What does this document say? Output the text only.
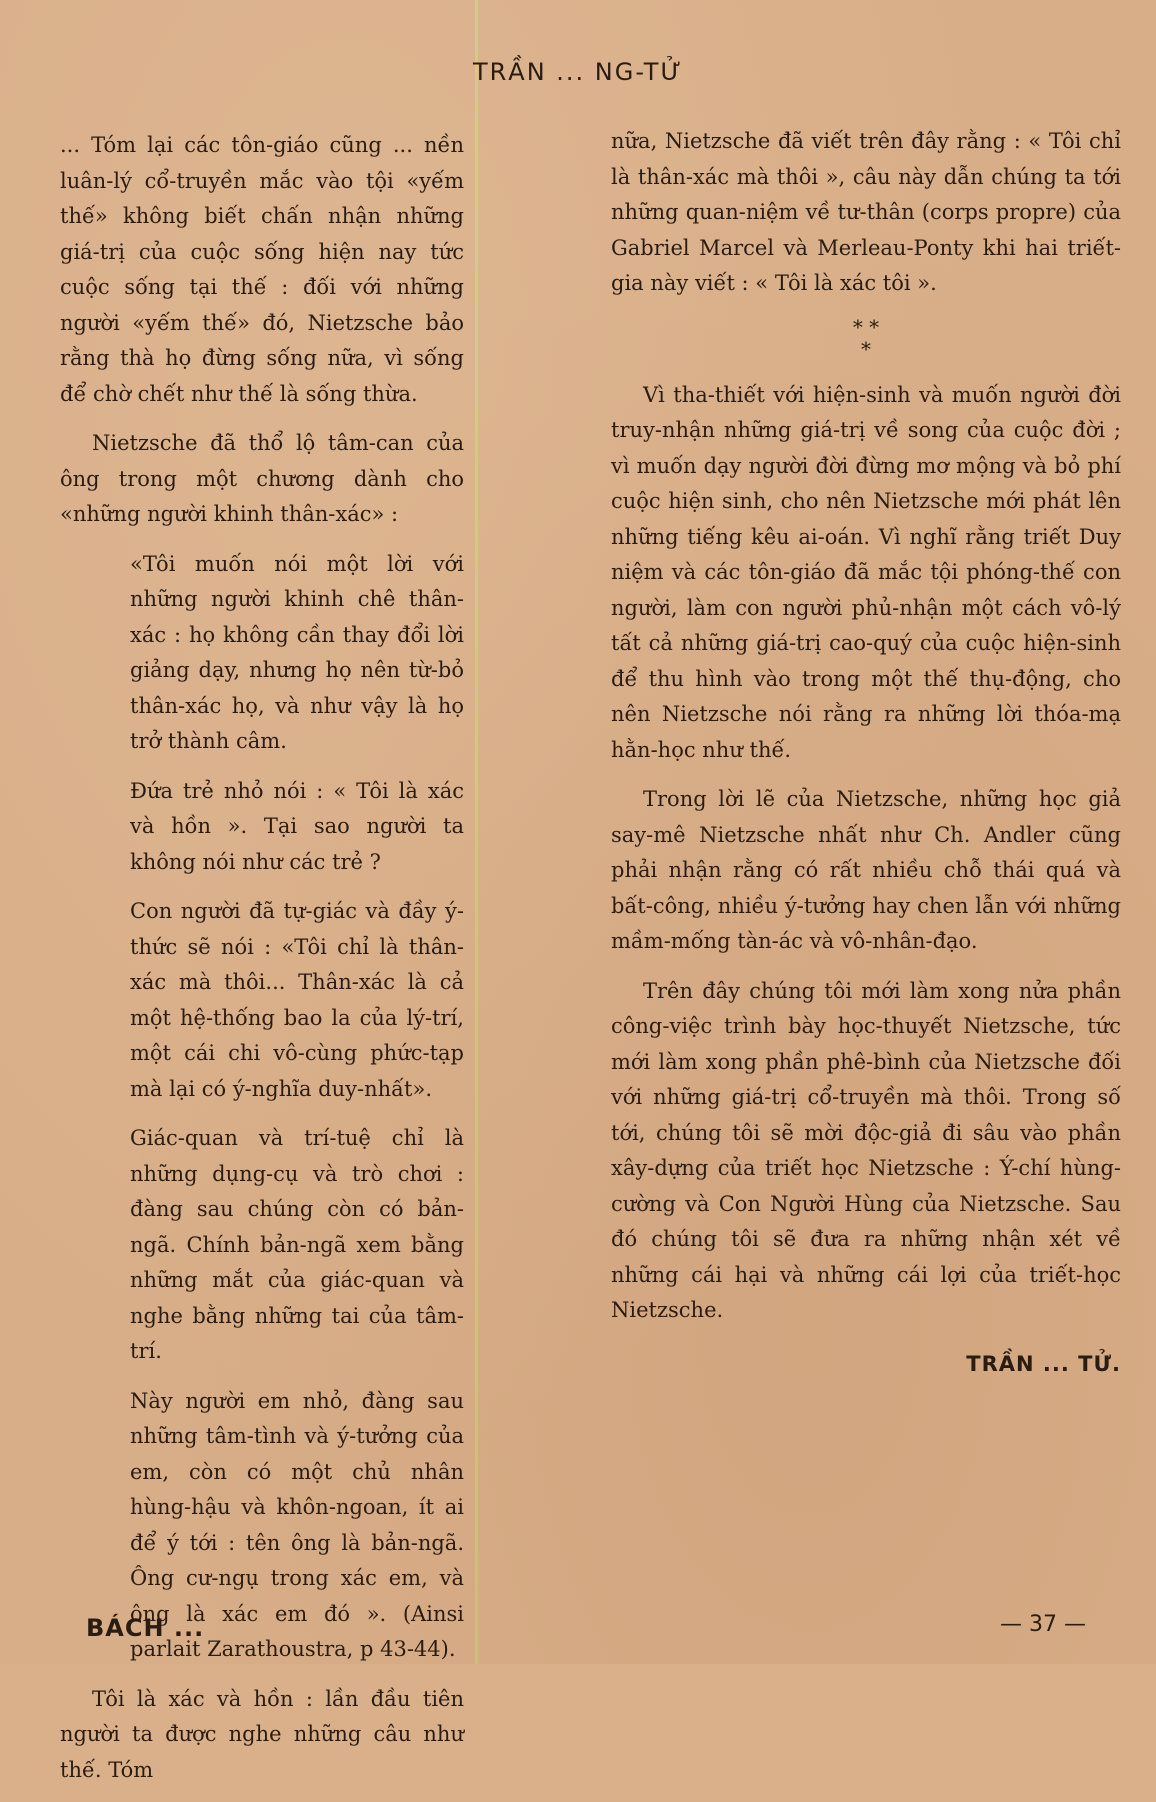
TRẦN ... NG-TỬ

... Tóm lại các tôn-giáo cũng ... nền luân-lý cổ-truyền mắc vào tội «yếm thế» không biết chấn nhận những giá-trị của cuộc sống hiện nay tức cuộc sống tại thế : đối với những người «yếm thế» đó, Nietzsche bảo rằng thà họ đừng sống nữa, vì sống để chờ chết như thế là sống thừa.

Nietzsche đã thổ lộ tâm-can của ông trong một chương dành cho «những người khinh thân-xác» :

«Tôi muốn nói một lời với những người khinh chê thân-xác : họ không cần thay đổi lời giảng dạy, nhưng họ nên từ-bỏ thân-xác họ, và như vậy là họ trở thành câm.

Đứa trẻ nhỏ nói : « Tôi là xác và hồn ». Tại sao người ta không nói như các trẻ ?

Con người đã tự-giác và đầy ý-thức sẽ nói : «Tôi chỉ là thân-xác mà thôi... Thân-xác là cả một hệ-thống bao la của lý-trí, một cái chi vô-cùng phức-tạp mà lại có ý-nghĩa duy-nhất».

Giác-quan và trí-tuệ chỉ là những dụng-cụ và trò chơi : đàng sau chúng còn có bản-ngã. Chính bản-ngã xem bằng những mắt của giác-quan và nghe bằng những tai của tâm-trí.

Này người em nhỏ, đàng sau những tâm-tình và ý-tưởng của em, còn có một chủ nhân hùng-hậu và khôn-ngoan, ít ai để ý tới : tên ông là bản-ngã. Ông cư-ngụ trong xác em, và ông là xác em đó ». (Ainsi parlait Zarathoustra, p 43-44).

Tôi là xác và hồn : lần đầu tiên người ta được nghe những câu như thế. Tóm

nữa, Nietzsche đã viết trên đây rằng : « Tôi chỉ là thân-xác mà thôi », câu này dẫn chúng ta tới những quan-niệm về tư-thân (corps propre) của Gabriel Marcel và Merleau-Ponty khi hai triết-gia này viết : « Tôi là xác tôi ».

* *
*

Vì tha-thiết với hiện-sinh và muốn người đời truy-nhận những giá-trị về song của cuộc đời ; vì muốn dạy người đời đừng mơ mộng và bỏ phí cuộc hiện sinh, cho nên Nietzsche mới phát lên những tiếng kêu ai-oán. Vì nghĩ rằng triết Duy niệm và các tôn-giáo đã mắc tội phóng-thế con người, làm con người phủ-nhận một cách vô-lý tất cả những giá-trị cao-quý của cuộc hiện-sinh để thu hình vào trong một thế thụ-động, cho nên Nietzsche nói rằng ra những lời thóa-mạ hằn-học như thế.

Trong lời lẽ của Nietzsche, những học giả say-mê Nietzsche nhất như Ch. Andler cũng phải nhận rằng có rất nhiều chỗ thái quá và bất-công, nhiều ý-tưởng hay chen lẫn với những mầm-mống tàn-ác và vô-nhân-đạo.

Trên đây chúng tôi mới làm xong nửa phần công-việc trình bày học-thuyết Nietzsche, tức mới làm xong phần phê-bình của Nietzsche đối với những giá-trị cổ-truyền mà thôi. Trong số tới, chúng tôi sẽ mời độc-giả đi sâu vào phần xây-dựng của triết học Nietzsche : Ý-chí hùng-cường và Con Người Hùng của Nietzsche. Sau đó chúng tôi sẽ đưa ra những nhận xét về những cái hại và những cái lợi của triết-học Nietzsche.

TRẦN ... TỬ.
BÁCH ...	— 37 —
